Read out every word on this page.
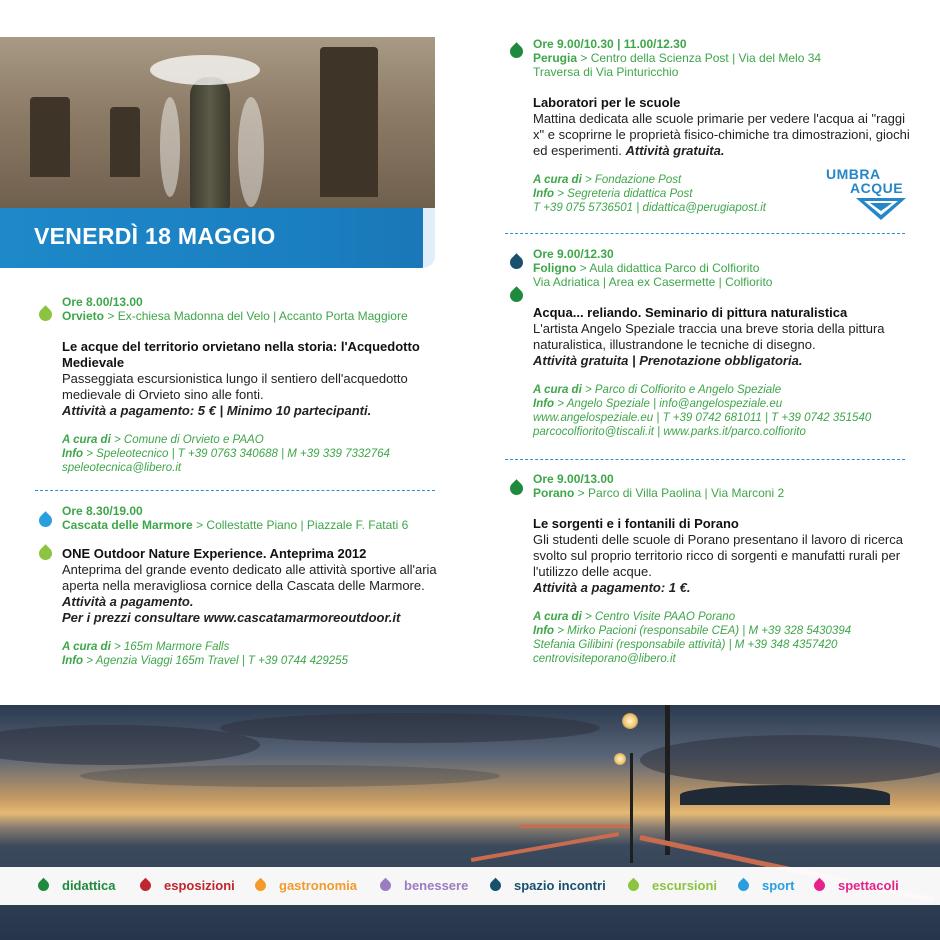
VENERDÌ 18 MAGGIO
Ore 8.00/13.00
Orvieto > Ex-chiesa Madonna del Velo | Accanto Porta Maggiore
Le acque del territorio orvietano nella storia: l'Acquedotto Medievale
Passeggiata escursionistica lungo il sentiero dell'acquedotto medievale di Orvieto sino alle fonti.
Attività a pagamento: 5 € | Minimo 10 partecipanti.
A cura di > Comune di Orvieto e PAAO
Info > Speleotecnico | T +39 0763 340688 | M +39 339 7332764
speleotecnica@libero.it
Ore 8.30/19.00
Cascata delle Marmore > Collestatte Piano | Piazzale F. Fatati 6
ONE Outdoor Nature Experience. Anteprima 2012
Anteprima del grande evento dedicato alle attività sportive all'aria aperta nella meravigliosa cornice della Cascata delle Marmore. Attività a pagamento.
Per i prezzi consultare www.cascatamarmoreoutdoor.it
A cura di > 165m Marmore Falls
Info > Agenzia Viaggi 165m Travel | T +39 0744 429255
Ore 9.00/10.30 | 11.00/12.30
Perugia > Centro della Scienza Post | Via del Melo 34
Traversa di Via Pinturicchio
Laboratori per le scuole
Mattina dedicata alle scuole primarie per vedere l'acqua ai "raggi x" e scoprirne le proprietà fisico-chimiche tra dimostrazioni, giochi ed esperimenti. Attività gratuita.
A cura di > Fondazione Post
Info > Segreteria didattica Post
T +39 075 5736501 | didattica@perugiapost.it
UMBRA
ACQUE
Ore 9.00/12.30
Foligno > Aula didattica Parco di Colfiorito
Via Adriatica | Area ex Casermette | Colfiorito
Acqua... reliando. Seminario di pittura naturalistica
L'artista Angelo Speziale traccia una breve storia della pittura naturalistica, illustrandone le tecniche di disegno.
Attività gratuita | Prenotazione obbligatoria.
A cura di > Parco di Colfiorito e Angelo Speziale
Info > Angelo Speziale | info@angelospeziale.eu
www.angelospeziale.eu | T +39 0742 681011 | T +39 0742 351540
parcocolfiorito@tiscali.it | www.parks.it/parco.colfiorito
Ore 9.00/13.00
Porano > Parco di Villa Paolina | Via Marconi 2
Le sorgenti e i fontanili di Porano
Gli studenti delle scuole di Porano presentano il lavoro di ricerca svolto sul proprio territorio ricco di sorgenti e manufatti rurali per l'utilizzo delle acque.
Attività a pagamento: 1 €.
A cura di > Centro Visite PAAO Porano
Info > Mirko Pacioni (responsabile CEA) | M +39 328 5430394
Stefania Gilibini (responsabile attività) | M +39 348 4357420
centrovisiteporano@libero.it
didattica	esposizioni	gastronomia	benessere	spazio incontri	escursioni	sport	spettacoli
